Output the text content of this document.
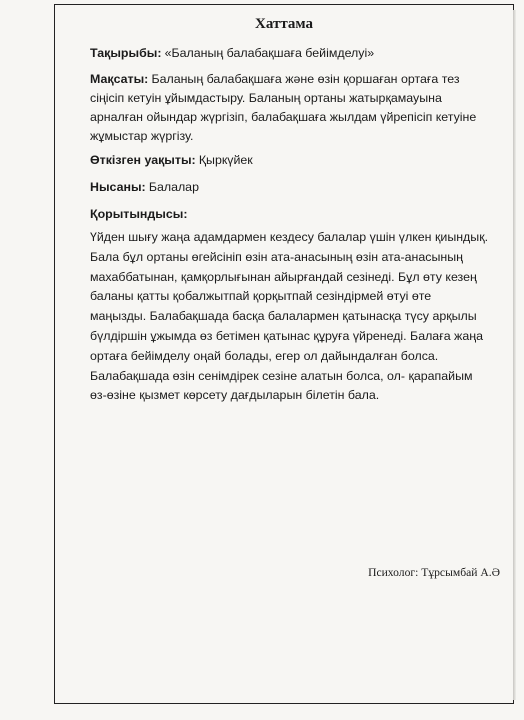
Хаттама
Тақырыбы: «Баланың балабақшаға бейімделуі»
Мақсаты: Баланың балабақшаға және өзін қоршаған ортаға тез сіңісіп кетуін ұйымдастыру. Баланың ортаны жатырқамауына арналған ойындар жүргізіп, балабақшаға жылдам үйрепісіп кетуіне жұмыстар жүргізу.
Өткізген уақыты: Қыркүйек
Нысаны: Балалар
Қорытындысы:
Үйден шығу жаңа адамдармен кездесу балалар үшін үлкен қиындық. Бала бұл ортаны өгейсініп өзін ата-анасының өзін ата-анасының махаббатынан, қамқорлығынан айырғандай сезінеді. Бұл өту кезең баланы қатты қобалжытпай қорқытпай сезіндірмей өтуі өте маңызды. Балабақшада басқа балалармен қатынасқа түсу арқылы бүлдіршін ұжымда өз бетімен қатынас құруға үйренеді. Балаға жаңа ортаға бейімделу оңай болады, егер ол дайындалған болса. Балабақшада өзін сенімдірек сезіне алатын болса, ол- қарапайым өз-өзіне қызмет көрсету дағдыларын білетін бала.
Психолог: Тұрсымбай А.Ә
